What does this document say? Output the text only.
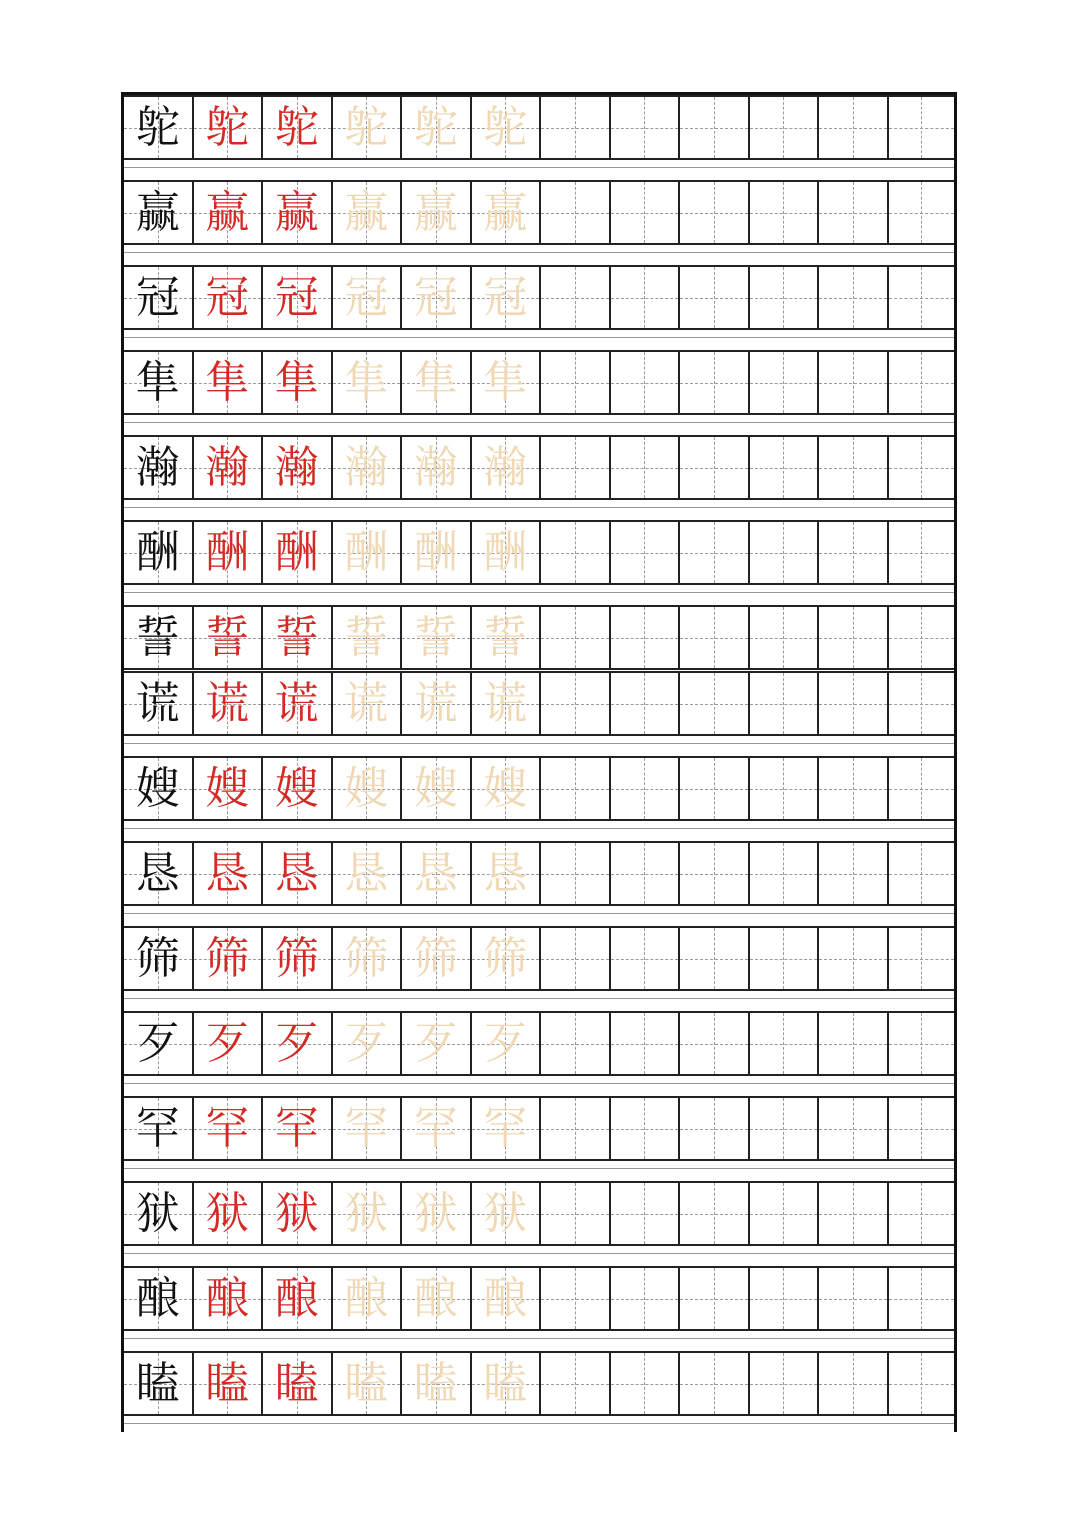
鸵 鸵 鸵 鸵 鸵 鸵
赢 赢 赢 赢 赢 赢
冠 冠 冠 冠 冠 冠
隼 隼 隼 隼 隼 隼
瀚 瀚 瀚 瀚 瀚 瀚
酬 酬 酬 酬 酬 酬
誓 誓 誓 誓 誓 誓
谎 谎 谎 谎 谎 谎
嫂 嫂 嫂 嫂 嫂 嫂
恳 恳 恳 恳 恳 恳
筛 筛 筛 筛 筛 筛
歹 歹 歹 歹 歹 歹
罕 罕 罕 罕 罕 罕
狱 狱 狱 狱 狱 狱
酿 酿 酿 酿 酿 酿
瞌 瞌 瞌 瞌 瞌 瞌
